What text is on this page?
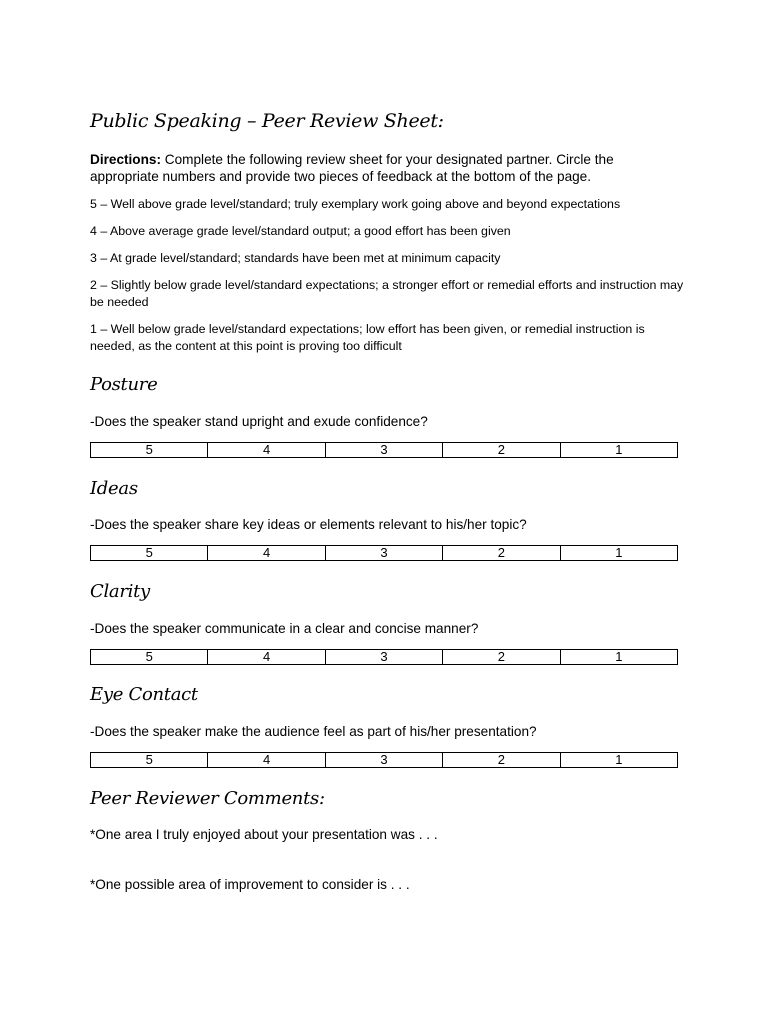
Public Speaking – Peer Review Sheet:
Directions: Complete the following review sheet for your designated partner. Circle the appropriate numbers and provide two pieces of feedback at the bottom of the page.
5 – Well above grade level/standard; truly exemplary work going above and beyond expectations
4 – Above average grade level/standard output; a good effort has been given
3 – At grade level/standard; standards have been met at minimum capacity
2 – Slightly below grade level/standard expectations; a stronger effort or remedial efforts and instruction may be needed
1 – Well below grade level/standard expectations; low effort has been given, or remedial instruction is needed, as the content at this point is proving too difficult
Posture
-Does the speaker stand upright and exude confidence?
5	4	3	2	1
Ideas
-Does the speaker share key ideas or elements relevant to his/her topic?
5	4	3	2	1
Clarity
-Does the speaker communicate in a clear and concise manner?
5	4	3	2	1
Eye Contact
-Does the speaker make the audience feel as part of his/her presentation?
5	4	3	2	1
Peer Reviewer Comments:
*One area I truly enjoyed about your presentation was . . .
*One possible area of improvement to consider is . . .
